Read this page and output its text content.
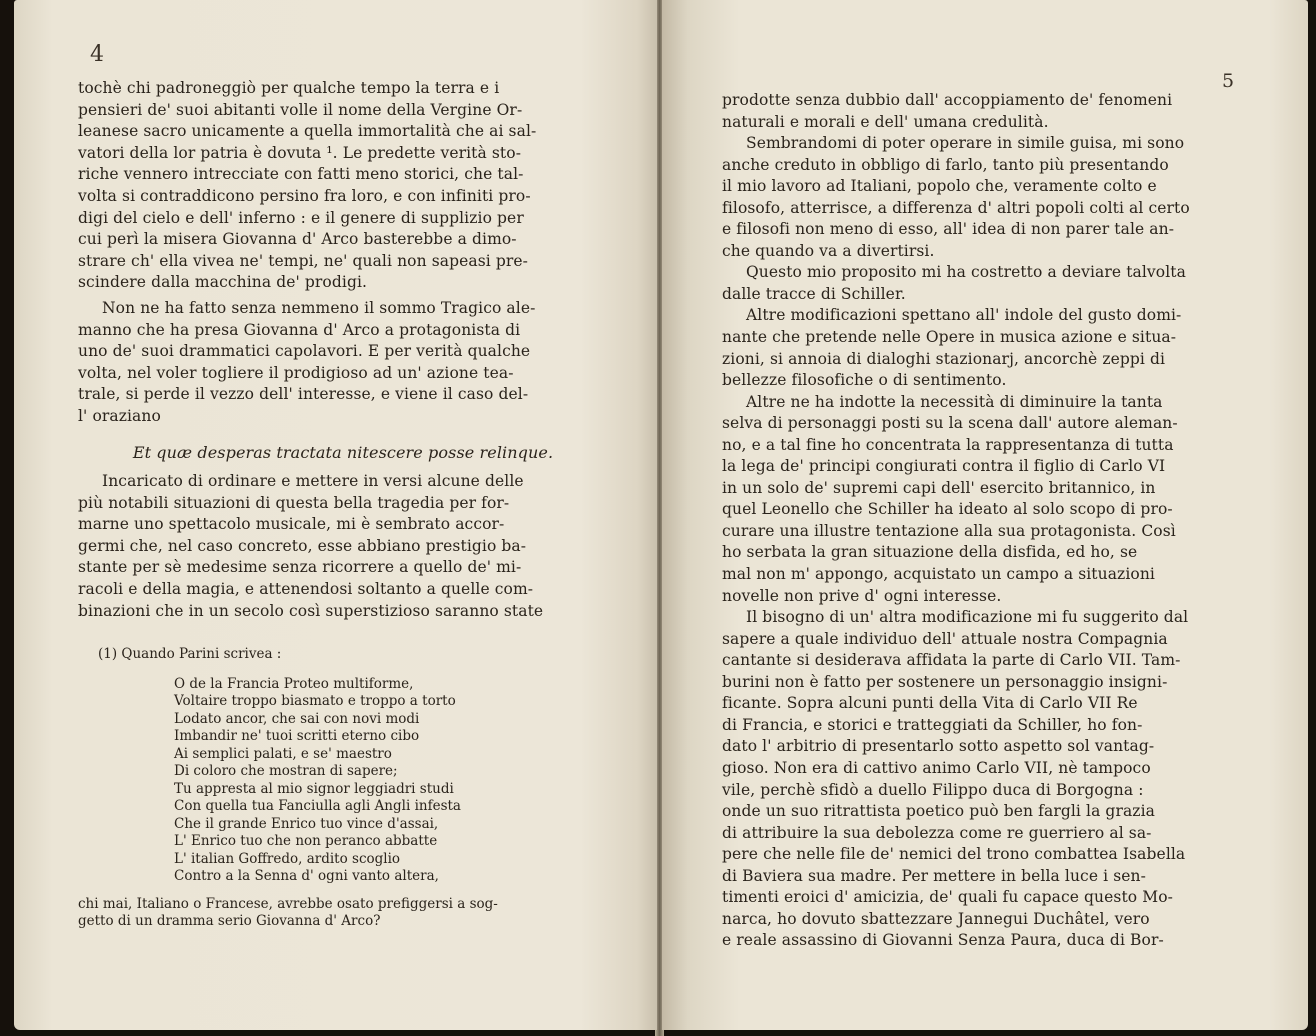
4
tochè chi padroneggiò per qualche tempo la terra e i
pensieri de' suoi abitanti volle il nome della Vergine Or-
leanese sacro unicamente a quella immortalità che ai sal-
vatori della lor patria è dovuta ¹. Le predette verità sto-
riche vennero intrecciate con fatti meno storici, che tal-
volta si contraddicono persino fra loro, e con infiniti pro-
digi del cielo e dell' inferno : e il genere di supplizio per
cui perì la misera Giovanna d' Arco basterebbe a dimo-
strare ch' ella vivea ne' tempi, ne' quali non sapeasi pre-
scindere dalla macchina de' prodigi.
Non ne ha fatto senza nemmeno il sommo Tragico ale-
manno che ha presa Giovanna d' Arco a protagonista di
uno de' suoi drammatici capolavori. E per verità qualche
volta, nel voler togliere il prodigioso ad un' azione tea-
trale, si perde il vezzo dell' interesse, e viene il caso del-
l' oraziano
Et quæ desperas tractata nitescere posse relinque.
Incaricato di ordinare e mettere in versi alcune delle
più notabili situazioni di questa bella tragedia per for-
marne uno spettacolo musicale, mi è sembrato accor-
germi che, nel caso concreto, esse abbiano prestigio ba-
stante per sè medesime senza ricorrere a quello de' mi-
racoli e della magia, e attenendosi soltanto a quelle com-
binazioni che in un secolo così superstizioso saranno state
(1) Quando Parini scrivea :
O de la Francia Proteo multiforme,
Voltaire troppo biasmato e troppo a torto
Lodato ancor, che sai con novi modi
Imbandir ne' tuoi scritti eterno cibo
Ai semplici palati, e se' maestro
Di coloro che mostran di sapere;
Tu appresta al mio signor leggiadri studi
Con quella tua Fanciulla agli Angli infesta
Che il grande Enrico tuo vince d'assai,
L' Enrico tuo che non peranco abbatte
L' italian Goffredo, ardito scoglio
Contro a la Senna d' ogni vanto altera,
chi mai, Italiano o Francese, avrebbe osato prefiggersi a sog-
getto di un dramma serio Giovanna d' Arco?
5
prodotte senza dubbio dall' accoppiamento de' fenomeni
naturali e morali e dell' umana credulità.
Sembrandomi di poter operare in simile guisa, mi sono
anche creduto in obbligo di farlo, tanto più presentando
il mio lavoro ad Italiani, popolo che, veramente colto e
filosofo, atterrisce, a differenza d' altri popoli colti al certo
e filosofi non meno di esso, all' idea di non parer tale an-
che quando va a divertirsi.
Questo mio proposito mi ha costretto a deviare talvolta
dalle tracce di Schiller.
Altre modificazioni spettano all' indole del gusto domi-
nante che pretende nelle Opere in musica azione e situa-
zioni, si annoia di dialoghi stazionarj, ancorchè zeppi di
bellezze filosofiche o di sentimento.
Altre ne ha indotte la necessità di diminuire la tanta
selva di personaggi posti su la scena dall' autore aleman-
no, e a tal fine ho concentrata la rappresentanza di tutta
la lega de' principi congiurati contra il figlio di Carlo VI
in un solo de' supremi capi dell' esercito britannico, in
quel Leonello che Schiller ha ideato al solo scopo di pro-
curare una illustre tentazione alla sua protagonista. Così
ho serbata la gran situazione della disfida, ed ho, se
mal non m' appongo, acquistato un campo a situazioni
novelle non prive d' ogni interesse.
Il bisogno di un' altra modificazione mi fu suggerito dal
sapere a quale individuo dell' attuale nostra Compagnia
cantante si desiderava affidata la parte di Carlo VII. Tam-
burini non è fatto per sostenere un personaggio insigni-
ficante. Sopra alcuni punti della Vita di Carlo VII Re
di Francia, e storici e tratteggiati da Schiller, ho fon-
dato l' arbitrio di presentarlo sotto aspetto sol vantag-
gioso. Non era di cattivo animo Carlo VII, nè tampoco
vile, perchè sfidò a duello Filippo duca di Borgogna :
onde un suo ritrattista poetico può ben fargli la grazia
di attribuire la sua debolezza come re guerriero al sa-
pere che nelle file de' nemici del trono combattea Isabella
di Baviera sua madre. Per mettere in bella luce i sen-
timenti eroici d' amicizia, de' quali fu capace questo Mo-
narca, ho dovuto sbattezzare Jannegui Duchâtel, vero
e reale assassino di Giovanni Senza Paura, duca di Bor-
